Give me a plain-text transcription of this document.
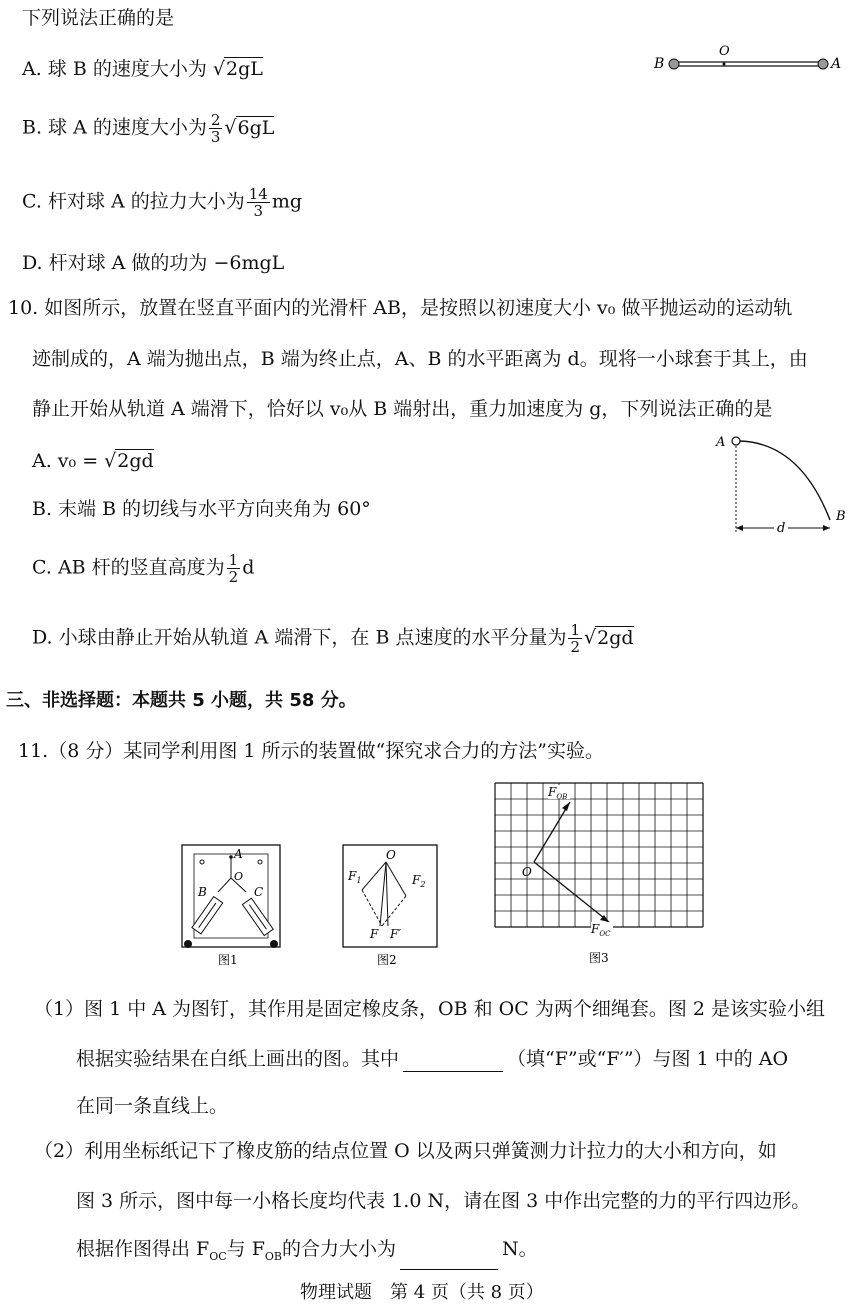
下列说法正确的是
A. 球 B 的速度大小为 √2gL
B. 球 A 的速度大小为 $\frac{2}{3} √6gL$
C. 杆对球 A 的拉力大小为 $\frac{14}{3}$ mg
D. 杆对球 A 做的功为 −6mgL
B
O
A
10. 如图所示，放置在竖直平面内的光滑杆 AB，是按照以初速度大小 v₀ 做平抛运动的运动轨
迹制成的，A 端为抛出点，B 端为终止点，A、B 的水平距离为 d。现将一小球套于其上，由
静止开始从轨道 A 端滑下，恰好以 v₀从 B 端射出，重力加速度为 g，下列说法正确的是
A. v₀ = √2gd
B. 末端 B 的切线与水平方向夹角为 60°
C. AB 杆的竖直高度为 $\frac{1}{2}$ d
D. 小球由静止开始从轨道 A 端滑下，在 B 点速度的水平分量为 $\frac{1}{2} √2gd$
A
B
d
三、非选择题：本题共 5 小题，共 58 分。
11.（8 分）某同学利用图 1 所示的装置做“探究求合力的方法”实验。
A
O
B	C
图1
O
$F_1$	$F_2$
F F′
图2
O
$F_{OB}$
$F_{OC}$
图3
（1）图 1 中 A 为图钉，其作用是固定橡皮条，OB 和 OC 为两个细绳套。图 2 是该实验小组
根据实验结果在白纸上画出的图。其中	（填“F”或“F′”）与图 1 中的 AO
在同一条直线上。
（2）利用坐标纸记下了橡皮筋的结点位置 O 以及两只弹簧测力计拉力的大小和方向，如
图 3 所示，图中每一小格长度均代表 1.0 N，请在图 3 中作出完整的力的平行四边形。
根据作图得出 $F_{OC}$与 $F_{OB}$的合力大小为	N。
物理试题　第 4 页（共 8 页）
